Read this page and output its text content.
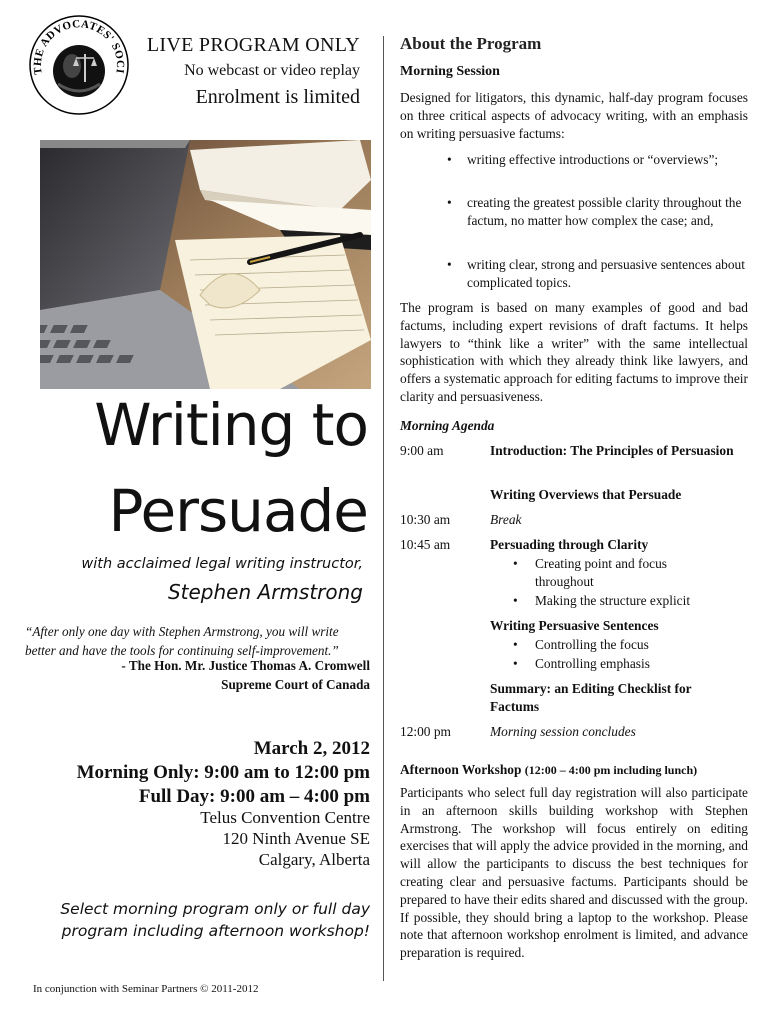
THE ADVOCATES' SOCI
LIVE PROGRAM ONLY
No webcast or video replay
Enrolment is limited
Writing to
Persuade
with acclaimed legal writing instructor,
Stephen Armstrong
“After only one day with Stephen Armstrong, you will write better and have the tools for continuing self-improvement.”
- The Hon. Mr. Justice Thomas A. Cromwell
Supreme Court of Canada
March 2, 2012
Morning Only: 9:00 am to 12:00 pm
Full Day: 9:00 am – 4:00 pm
Telus Convention Centre
120 Ninth Avenue SE
Calgary, Alberta
Select morning program only or full day
program including afternoon workshop!
In conjunction with Seminar Partners © 2011-2012
About the Program
Morning Session
Designed for litigators, this dynamic, half-day program focuses on three critical aspects of advocacy writing, with an emphasis on writing persuasive factums:
• writing effective introductions or “overviews”;
• creating the greatest possible clarity throughout the factum, no matter how complex the case; and,
• writing clear, strong and persuasive sentences about complicated topics.
The program is based on many examples of good and bad factums, including expert revisions of draft factums. It helps lawyers to “think like a writer” with the same intellectual sophistication with which they already think like lawyers, and offers a systematic approach for editing factums to improve their clarity and persuasiveness.
Morning Agenda
9:00 am	Introduction: The Principles of Persuasion
Writing Overviews that Persuade
10:30 am	Break
10:45 am	Persuading through Clarity
• Creating point and focus
throughout
• Making the structure explicit
Writing Persuasive Sentences
• Controlling the focus
• Controlling emphasis
Summary: an Editing Checklist for Factums
12:00 pm	Morning session concludes
Afternoon Workshop (12:00 – 4:00 pm including lunch)
Participants who select full day registration will also participate in an afternoon skills building workshop with Stephen Armstrong. The workshop will focus entirely on editing exercises that will apply the advice provided in the morning, and will allow the participants to discuss the best techniques for creating clear and persuasive factums. Participants should be prepared to have their edits shared and discussed with the group. If possible, they should bring a laptop to the workshop. Please note that afternoon workshop enrolment is limited, and advance preparation is required.
